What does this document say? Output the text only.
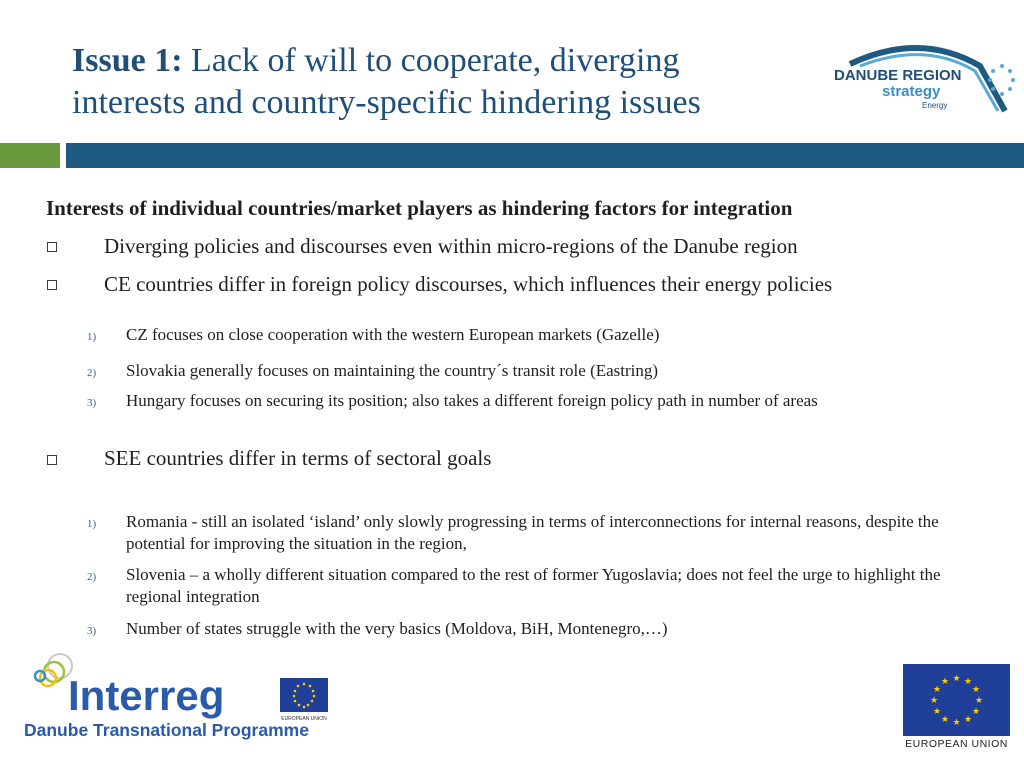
Issue 1: Lack of will to cooperate, diverging interests and country-specific hindering issues
DANUBE REGION
strategy
Energy
Interests of individual countries/market players as hindering factors for integration
Diverging policies and discourses even within micro-regions of the Danube region
CE countries differ in foreign policy discourses, which influences their energy policies
1) CZ focuses on close cooperation with the western European markets (Gazelle)
2) Slovakia generally focuses on maintaining the country´s transit role (Eastring)
3) Hungary focuses on securing its position; also takes a different foreign policy path in number of areas
SEE countries differ in terms of sectoral goals
1) Romania - still an isolated ‘island’ only slowly progressing in terms of interconnections for internal reasons, despite the potential for improving the situation in the region,
2) Slovenia – a wholly different situation compared to the rest of former Yugoslavia; does not feel the urge to highlight the regional integration
3) Number of states struggle with the very basics (Moldova, BiH, Montenegro,…)
Interreg	EUROPEAN UNION
Danube Transnational Programme
★ ★
★
★
★
★
★
★
★
★
★
★
EUROPEAN UNION
